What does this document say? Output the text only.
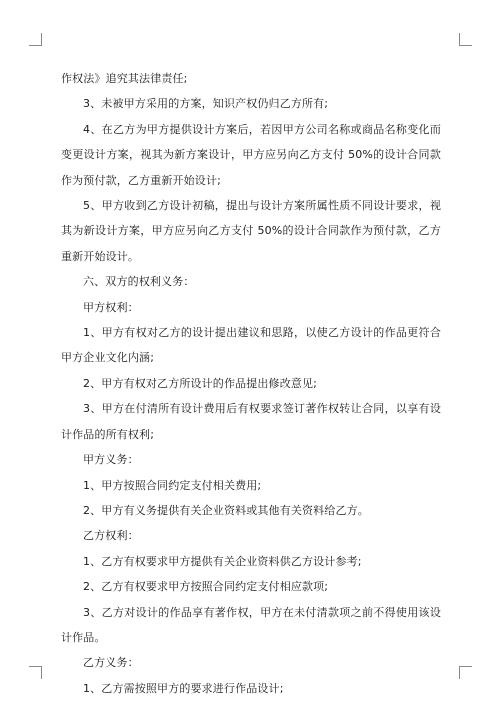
作权法》追究其法律责任;

3、未被甲方采用的方案，知识产权仍归乙方所有;

4、在乙方为甲方提供设计方案后，若因甲方公司名称或商品名称变化而变更设计方案，视其为新方案设计，甲方应另向乙方支付 50%的设计合同款作为预付款，乙方重新开始设计;

5、甲方收到乙方设计初稿，提出与设计方案所属性质不同设计要求，视其为新设计方案，甲方应另向乙方支付 50%的设计合同款作为预付款，乙方重新开始设计。

六、双方的权利义务：

甲方权利：

1、甲方有权对乙方的设计提出建议和思路，以使乙方设计的作品更符合甲方企业文化内涵;

2、甲方有权对乙方所设计的作品提出修改意见;

3、甲方在付清所有设计费用后有权要求签订著作权转让合同，以享有设计作品的所有权利;

甲方义务：

1、甲方按照合同约定支付相关费用;

2、甲方有义务提供有关企业资料或其他有关资料给乙方。

乙方权利：

1、乙方有权要求甲方提供有关企业资料供乙方设计参考;

2、乙方有权要求甲方按照合同约定支付相应款项;

3、乙方对设计的作品享有著作权，甲方在未付清款项之前不得使用该设计作品。

乙方义务：

1、乙方需按照甲方的要求进行作品设计;
